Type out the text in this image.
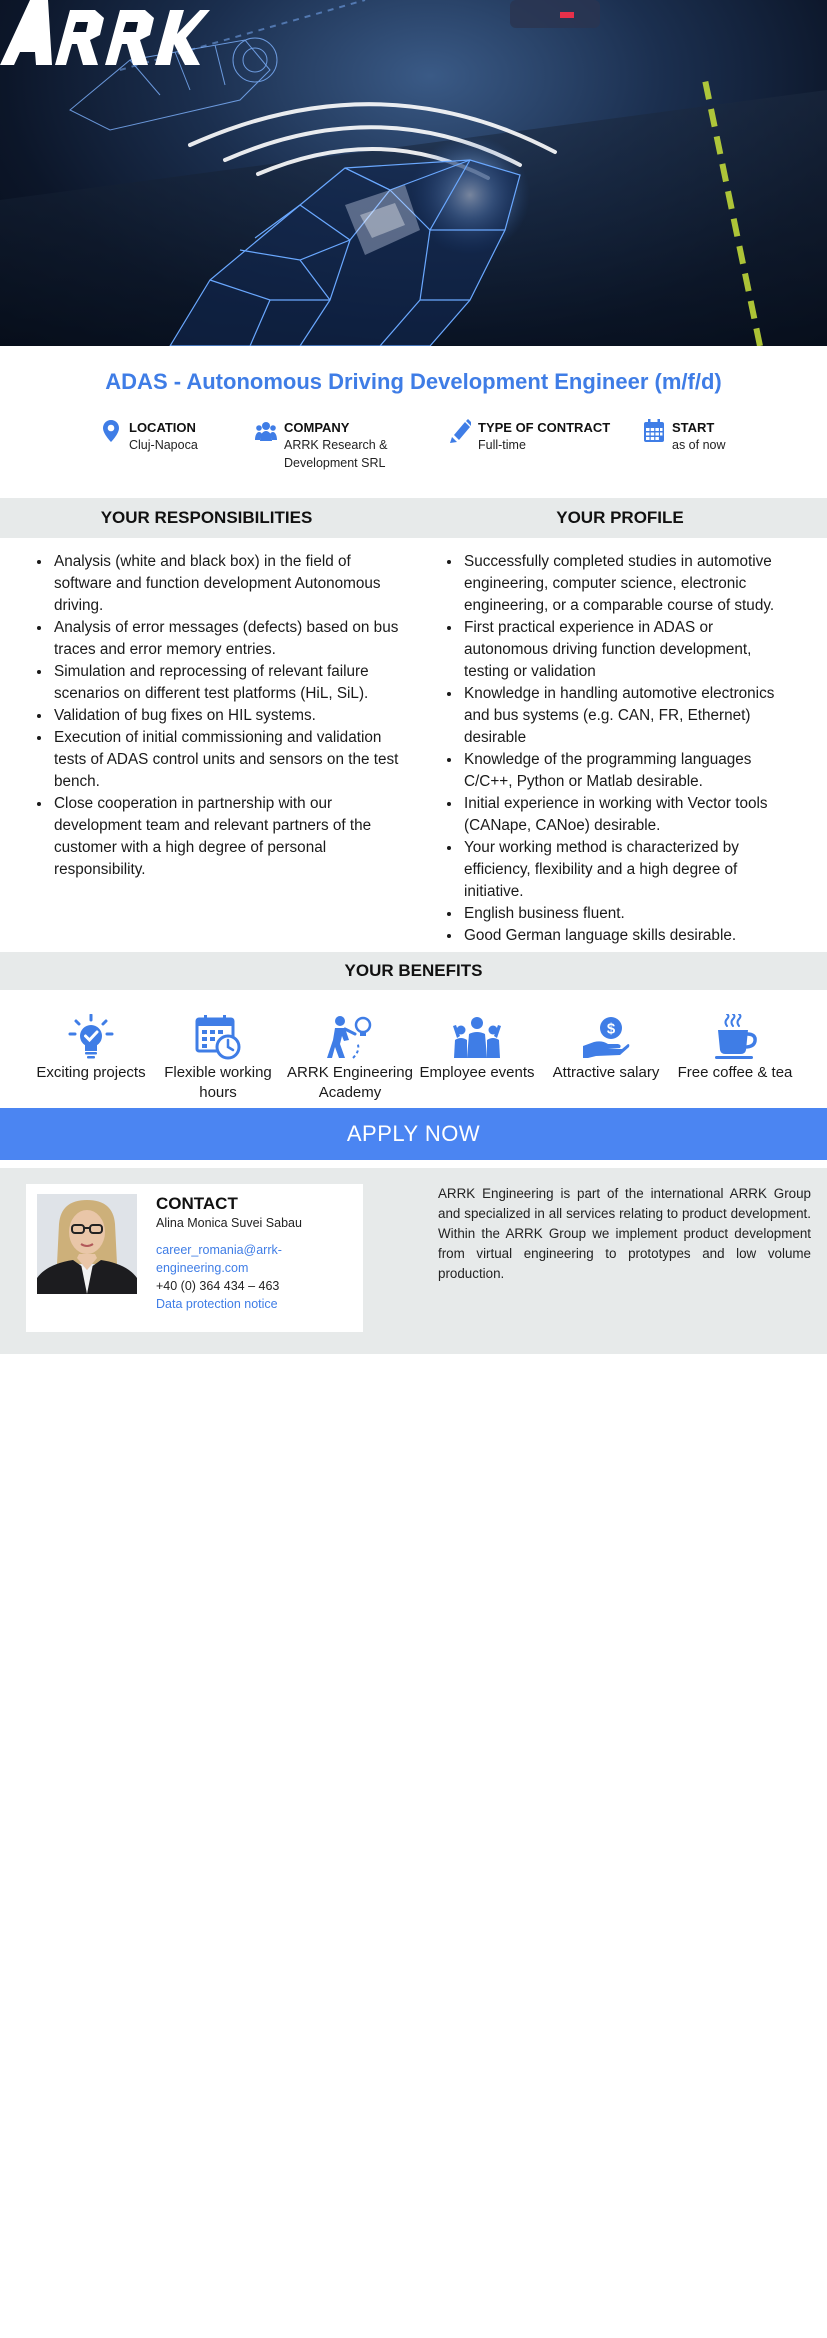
ADAS - Autonomous Driving Development Engineer (m/f/d)
LOCATION
Cluj-Napoca
COMPANY
ARRK Research &
Development SRL
TYPE OF CONTRACT
Full-time
START
as of now
YOUR RESPONSIBILITIES	YOUR PROFILE
• Analysis (white and black box) in the field of software and function development Autonomous driving.
• Analysis of error messages (defects) based on bus traces and error memory entries.
• Simulation and reprocessing of relevant failure scenarios on different test platforms (HiL, SiL).
• Validation of bug fixes on HIL systems.
• Execution of initial commissioning and validation tests of ADAS control units and sensors on the test bench.
• Close cooperation in partnership with our development team and relevant partners of the customer with a high degree of personal responsibility.
• Successfully completed studies in automotive engineering, computer science, electronic engineering, or a comparable course of study.
• First practical experience in ADAS or autonomous driving function development, testing or validation
• Knowledge in handling automotive electronics and bus systems (e.g. CAN, FR, Ethernet) desirable
• Knowledge of the programming languages C/C++, Python or Matlab desirable.
• Initial experience in working with Vector tools (CANape, CANoe) desirable.
• Your working method is characterized by efficiency, flexibility and a high degree of initiative.
• English business fluent.
• Good German language skills desirable.
YOUR BENEFITS
Exciting projects	Flexible working hours
ARRK Engineering Academy
Employee events
$
Attractive salary	Free coffee & tea
APPLY NOW
CONTACT
Alina Monica Suvei Sabau
career_romania@arrk-
engineering.com
+40 (0) 364 434 – 463
Data protection notice
ARRK Engineering is part of the international ARRK Group and specialized in all services relating to product development. Within the ARRK Group we implement product development from virtual engineering to prototypes and low volume production.
